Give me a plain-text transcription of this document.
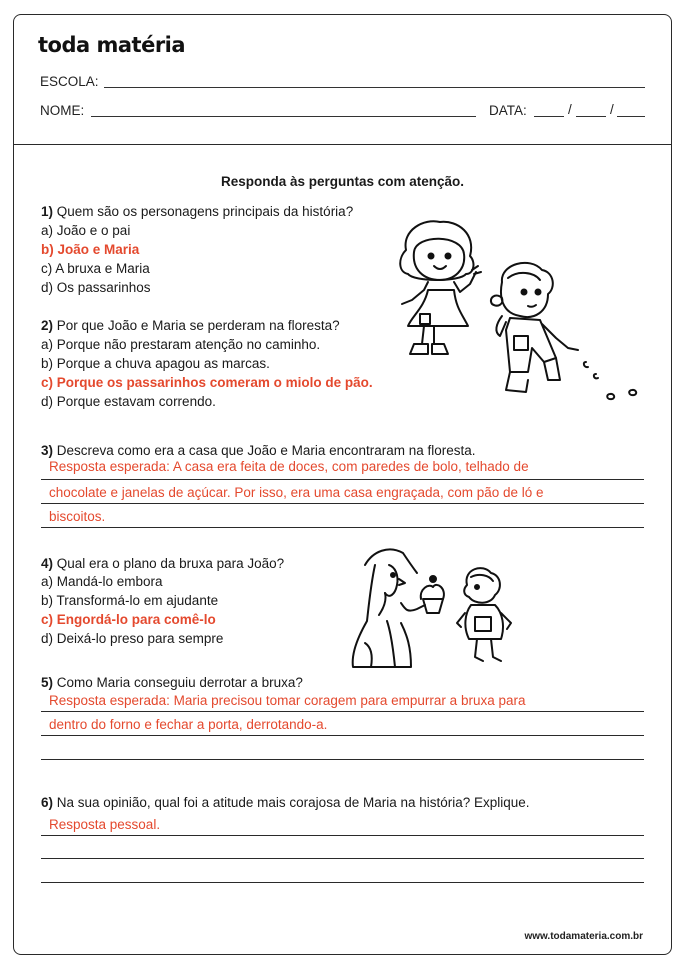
toda matéria
ESCOLA:
NOME:	DATA:	/	/
Responda às perguntas com atenção.
1) Quem são os personagens principais da história?
a) João e o pai
b) João e Maria
c) A bruxa e Maria
d) Os passarinhos
2) Por que João e Maria se perderam na floresta?
a) Porque não prestaram atenção no caminho.
b) Porque a chuva apagou as marcas.
c) Porque os passarinhos comeram o miolo de pão.
d) Porque estavam correndo.
3) Descreva como era a casa que João e Maria encontraram na floresta.
Resposta esperada: A casa era feita de doces, com paredes de bolo, telhado de
chocolate e janelas de açúcar. Por isso, era uma casa engraçada, com pão de ló e
biscoitos.
4) Qual era o plano da bruxa para João?
a) Mandá-lo embora
b) Transformá-lo em ajudante
c) Engordá-lo para comê-lo
d) Deixá-lo preso para sempre
5) Como Maria conseguiu derrotar a bruxa?
Resposta esperada: Maria precisou tomar coragem para empurrar a bruxa para
dentro do forno e fechar a porta, derrotando-a.
6) Na sua opinião, qual foi a atitude mais corajosa de Maria na história? Explique.
Resposta pessoal.
www.todamateria.com.br
